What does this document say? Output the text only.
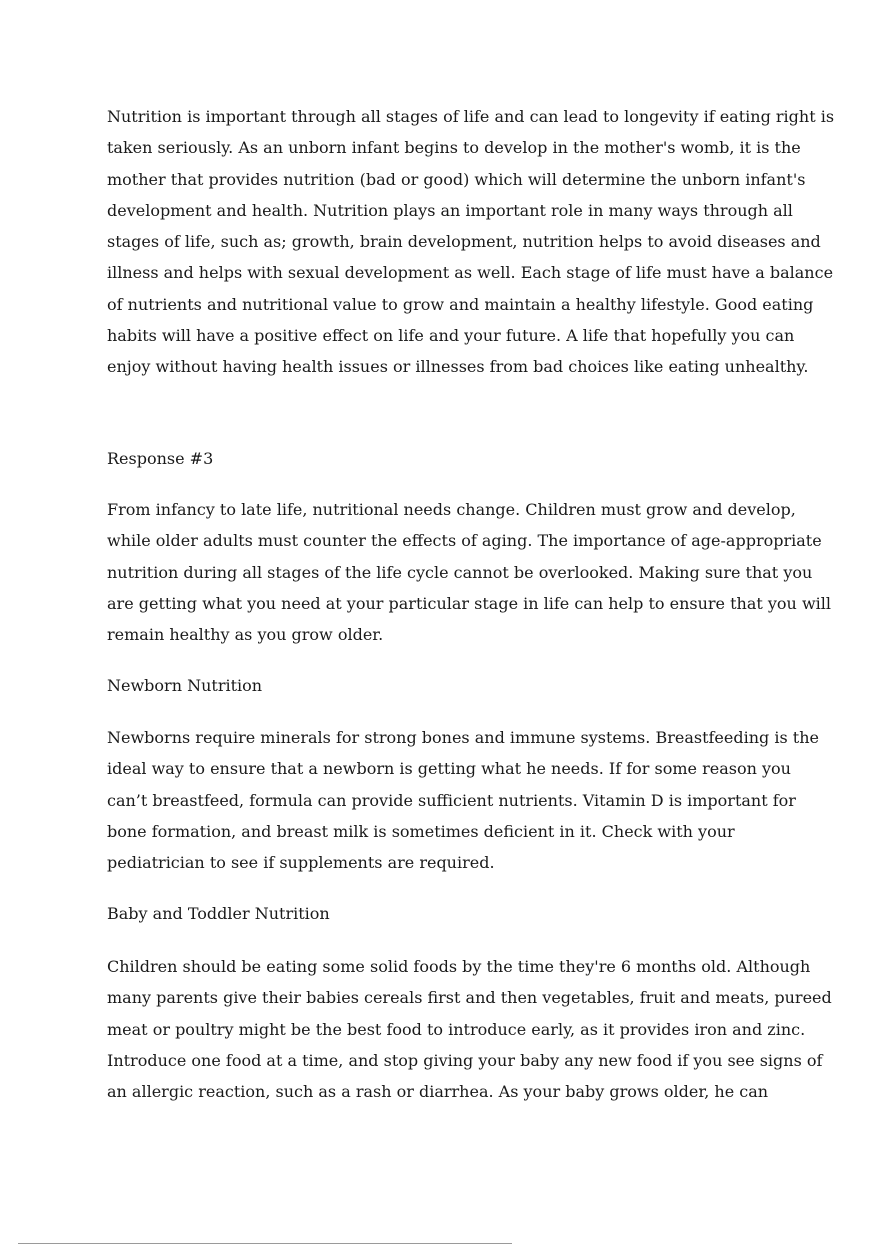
Nutrition is important through all stages of life and can lead to longevity if eating right is
taken seriously. As an unborn infant begins to develop in the mother's womb, it is the
mother that provides nutrition (bad or good) which will determine the unborn infant's
development and health. Nutrition plays an important role in many ways through all
stages of life, such as; growth, brain development, nutrition helps to avoid diseases and
illness and helps with sexual development as well. Each stage of life must have a balance
of nutrients and nutritional value to grow and maintain a healthy lifestyle. Good eating
habits will have a positive effect on life and your future. A life that hopefully you can
enjoy without having health issues or illnesses from bad choices like eating unhealthy.

Response #3

From infancy to late life, nutritional needs change. Children must grow and develop,
while older adults must counter the effects of aging. The importance of age-appropriate
nutrition during all stages of the life cycle cannot be overlooked. Making sure that you
are getting what you need at your particular stage in life can help to ensure that you will
remain healthy as you grow older.

Newborn Nutrition

Newborns require minerals for strong bones and immune systems. Breastfeeding is the
ideal way to ensure that a newborn is getting what he needs. If for some reason you
can’t breastfeed, formula can provide sufficient nutrients. Vitamin D is important for
bone formation, and breast milk is sometimes deficient in it. Check with your
pediatrician to see if supplements are required.

Baby and Toddler Nutrition

Children should be eating some solid foods by the time they're 6 months old. Although
many parents give their babies cereals first and then vegetables, fruit and meats, pureed
meat or poultry might be the best food to introduce early, as it provides iron and zinc.
Introduce one food at a time, and stop giving your baby any new food if you see signs of
an allergic reaction, such as a rash or diarrhea. As your baby grows older, he can
